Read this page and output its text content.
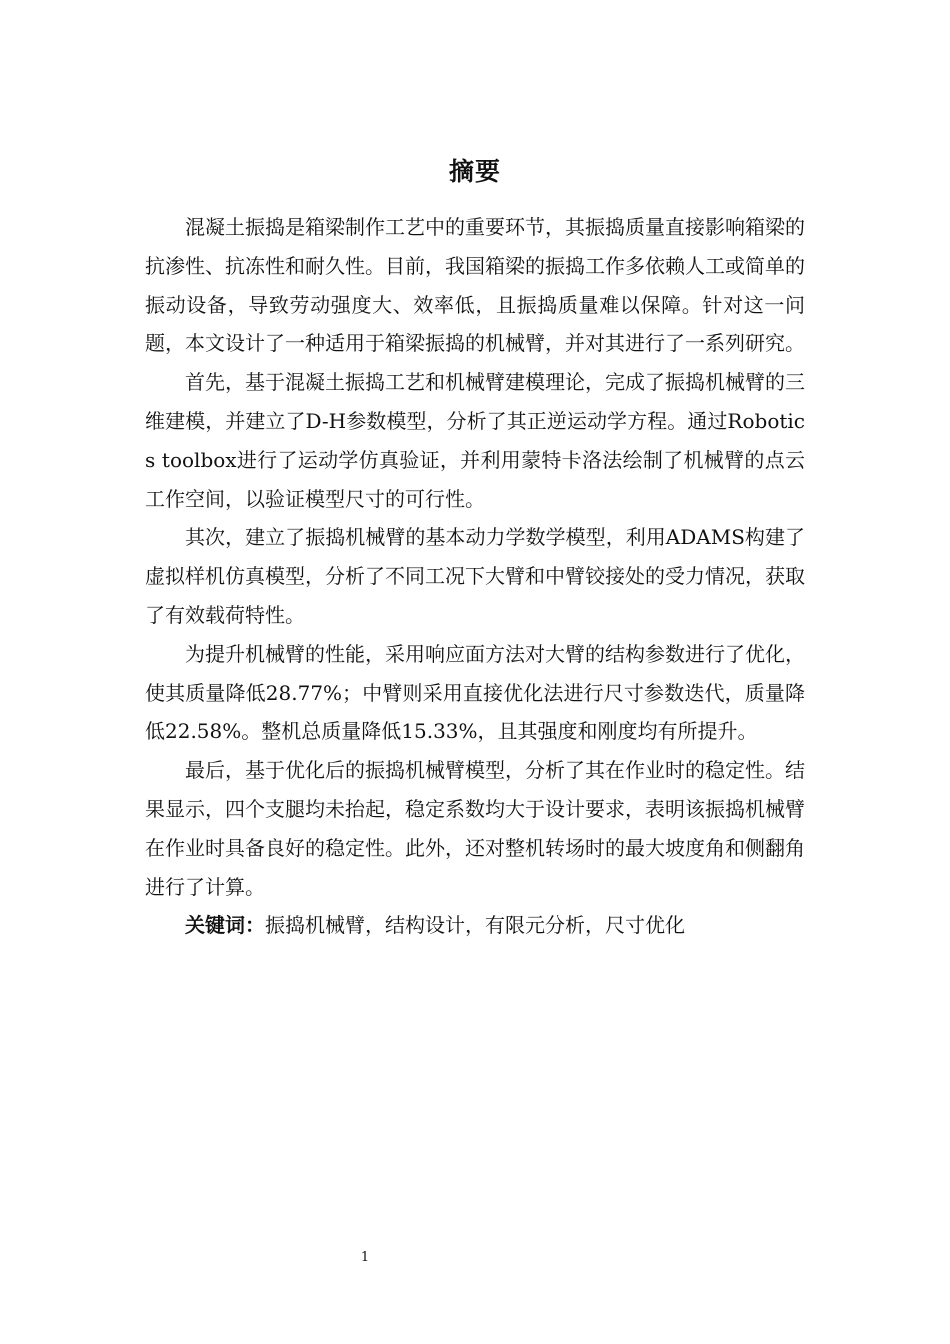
摘要

混凝土振捣是箱梁制作工艺中的重要环节，其振捣质量直接影响箱梁的抗渗性、抗冻性和耐久性。目前，我国箱梁的振捣工作多依赖人工或简单的振动设备，导致劳动强度大、效率低，且振捣质量难以保障。针对这一问题，本文设计了一种适用于箱梁振捣的机械臂，并对其进行了一系列研究。

首先，基于混凝土振捣工艺和机械臂建模理论，完成了振捣机械臂的三维建模，并建立了D-H参数模型，分析了其正逆运动学方程。通过Robotics toolbox进行了运动学仿真验证，并利用蒙特卡洛法绘制了机械臂的点云工作空间，以验证模型尺寸的可行性。

其次，建立了振捣机械臂的基本动力学数学模型，利用ADAMS构建了虚拟样机仿真模型，分析了不同工况下大臂和中臂铰接处的受力情况，获取了有效载荷特性。

为提升机械臂的性能，采用响应面方法对大臂的结构参数进行了优化，使其质量降低28.77%；中臂则采用直接优化法进行尺寸参数迭代，质量降低22.58%。整机总质量降低15.33%，且其强度和刚度均有所提升。

最后，基于优化后的振捣机械臂模型，分析了其在作业时的稳定性。结果显示，四个支腿均未抬起，稳定系数均大于设计要求，表明该振捣机械臂在作业时具备良好的稳定性。此外，还对整机转场时的最大坡度角和侧翻角进行了计算。

关键词：振捣机械臂，结构设计，有限元分析，尺寸优化

1
